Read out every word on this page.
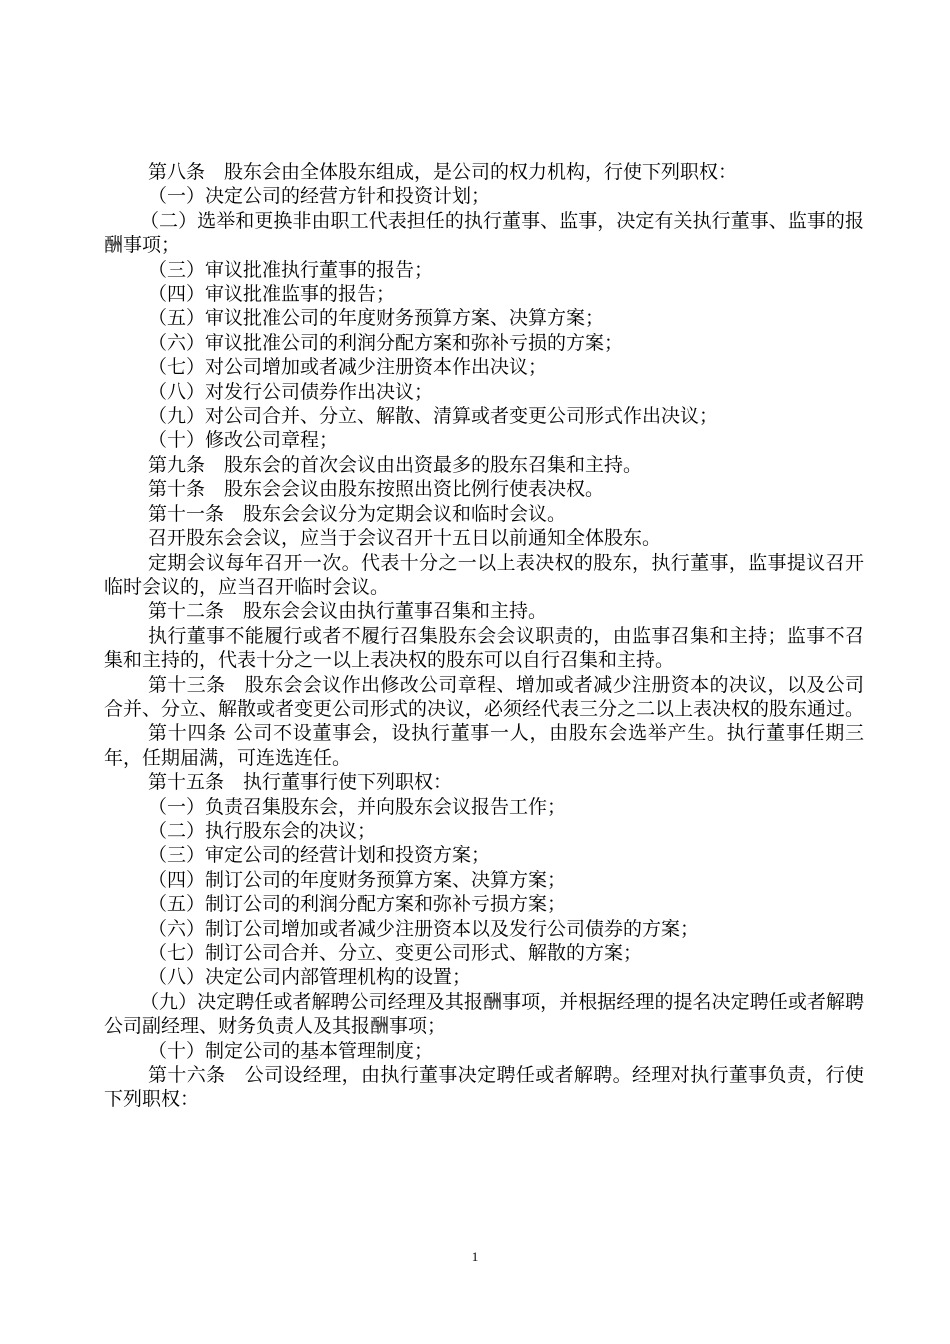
第八条　股东会由全体股东组成，是公司的权力机构，行使下列职权：

（一）决定公司的经营方针和投资计划；

（二）选举和更换非由职工代表担任的执行董事、监事，决定有关执行董事、监事的报酬事项；

（三）审议批准执行董事的报告；

（四）审议批准监事的报告；

（五）审议批准公司的年度财务预算方案、决算方案；

（六）审议批准公司的利润分配方案和弥补亏损的方案；

（七）对公司增加或者减少注册资本作出决议；

（八）对发行公司债券作出决议；

（九）对公司合并、分立、解散、清算或者变更公司形式作出决议；

（十）修改公司章程；

第九条　股东会的首次会议由出资最多的股东召集和主持。

第十条　股东会会议由股东按照出资比例行使表决权。

第十一条　股东会会议分为定期会议和临时会议。

召开股东会会议，应当于会议召开十五日以前通知全体股东。

定期会议每年召开一次。代表十分之一以上表决权的股东，执行董事，监事提议召开临时会议的，应当召开临时会议。

第十二条　股东会会议由执行董事召集和主持。

执行董事不能履行或者不履行召集股东会会议职责的，由监事召集和主持；监事不召集和主持的，代表十分之一以上表决权的股东可以自行召集和主持。

第十三条　股东会会议作出修改公司章程、增加或者减少注册资本的决议，以及公司合并、分立、解散或者变更公司形式的决议，必须经代表三分之二以上表决权的股东通过。

第十四条 公司不设董事会，设执行董事一人，由股东会选举产生。执行董事任期三年，任期届满，可连选连任。

第十五条　执行董事行使下列职权：

（一）负责召集股东会，并向股东会议报告工作；

（二）执行股东会的决议；

（三）审定公司的经营计划和投资方案；

（四）制订公司的年度财务预算方案、决算方案；

（五）制订公司的利润分配方案和弥补亏损方案；

（六）制订公司增加或者减少注册资本以及发行公司债券的方案；

（七）制订公司合并、分立、变更公司形式、解散的方案；

（八）决定公司内部管理机构的设置；

（九）决定聘任或者解聘公司经理及其报酬事项，并根据经理的提名决定聘任或者解聘公司副经理、财务负责人及其报酬事项；

（十）制定公司的基本管理制度；

第十六条　公司设经理，由执行董事决定聘任或者解聘。经理对执行董事负责，行使下列职权：

1
